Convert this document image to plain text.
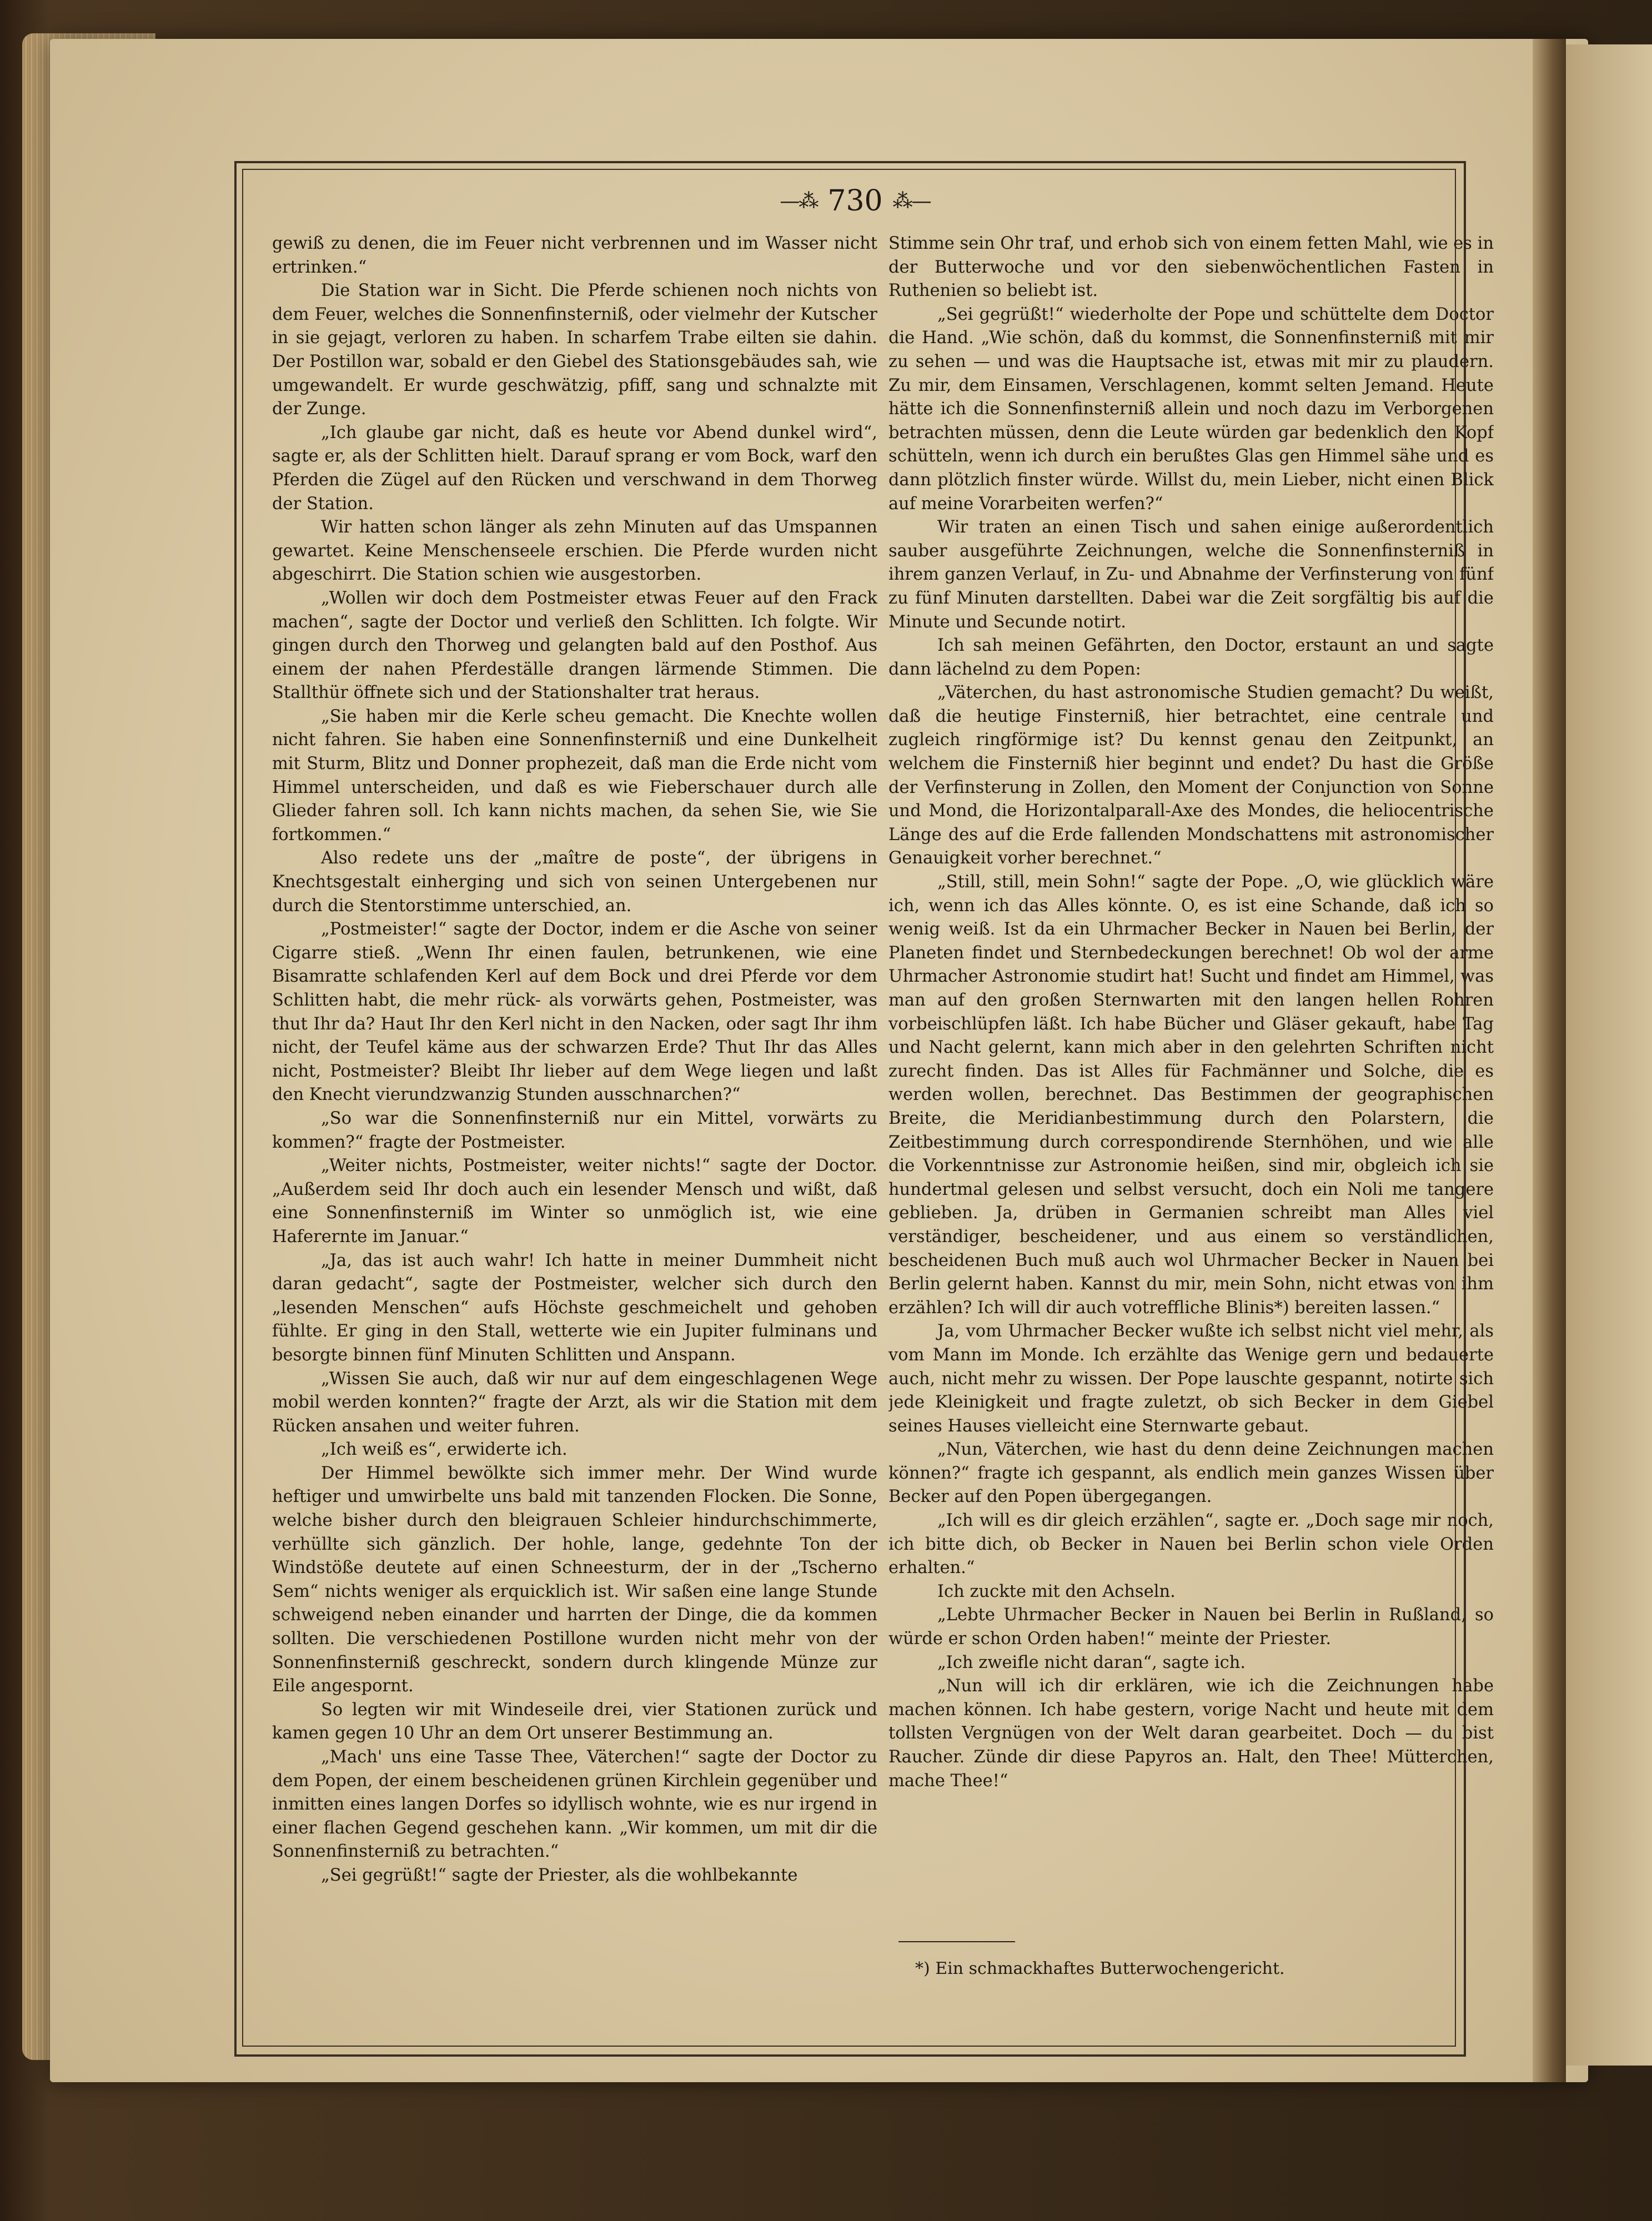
—⁂ 730 ⁂—

gewiß zu denen, die im Feuer nicht verbrennen und im Wasser nicht ertrinken.“

Die Station war in Sicht. Die Pferde schienen noch nichts von dem Feuer, welches die Sonnenfinsterniß, oder vielmehr der Kutscher in sie gejagt, verloren zu haben. In scharfem Trabe eilten sie dahin. Der Postillon war, sobald er den Giebel des Stationsgebäudes sah, wie umgewandelt. Er wurde geschwätzig, pfiff, sang und schnalzte mit der Zunge.

„Ich glaube gar nicht, daß es heute vor Abend dunkel wird“, sagte er, als der Schlitten hielt. Darauf sprang er vom Bock, warf den Pferden die Zügel auf den Rücken und verschwand in dem Thorweg der Station.

Wir hatten schon länger als zehn Minuten auf das Umspannen gewartet. Keine Menschenseele erschien. Die Pferde wurden nicht abgeschirrt. Die Station schien wie ausgestorben.

„Wollen wir doch dem Postmeister etwas Feuer auf den Frack machen“, sagte der Doctor und verließ den Schlitten. Ich folgte. Wir gingen durch den Thorweg und gelangten bald auf den Posthof. Aus einem der nahen Pferdeställe drangen lärmende Stimmen. Die Stallthür öffnete sich und der Stationshalter trat heraus.

„Sie haben mir die Kerle scheu gemacht. Die Knechte wollen nicht fahren. Sie haben eine Sonnenfinsterniß und eine Dunkelheit mit Sturm, Blitz und Donner prophezeit, daß man die Erde nicht vom Himmel unterscheiden, und daß es wie Fieberschauer durch alle Glieder fahren soll. Ich kann nichts machen, da sehen Sie, wie Sie fortkommen.“

Also redete uns der „maître de poste“, der übrigens in Knechtsgestalt einherging und sich von seinen Untergebenen nur durch die Stentorstimme unterschied, an.

„Postmeister!“ sagte der Doctor, indem er die Asche von seiner Cigarre stieß. „Wenn Ihr einen faulen, betrunkenen, wie eine Bisamratte schlafenden Kerl auf dem Bock und drei Pferde vor dem Schlitten habt, die mehr rück- als vorwärts gehen, Postmeister, was thut Ihr da? Haut Ihr den Kerl nicht in den Nacken, oder sagt Ihr ihm nicht, der Teufel käme aus der schwarzen Erde? Thut Ihr das Alles nicht, Postmeister? Bleibt Ihr lieber auf dem Wege liegen und laßt den Knecht vierundzwanzig Stunden ausschnarchen?“

„So war die Sonnenfinsterniß nur ein Mittel, vorwärts zu kommen?“ fragte der Postmeister.

„Weiter nichts, Postmeister, weiter nichts!“ sagte der Doctor. „Außerdem seid Ihr doch auch ein lesender Mensch und wißt, daß eine Sonnenfinsterniß im Winter so unmöglich ist, wie eine Haferernte im Januar.“

„Ja, das ist auch wahr! Ich hatte in meiner Dummheit nicht daran gedacht“, sagte der Postmeister, welcher sich durch den „lesenden Menschen“ aufs Höchste geschmeichelt und gehoben fühlte. Er ging in den Stall, wetterte wie ein Jupiter fulminans und besorgte binnen fünf Minuten Schlitten und Anspann.

„Wissen Sie auch, daß wir nur auf dem eingeschlagenen Wege mobil werden konnten?“ fragte der Arzt, als wir die Station mit dem Rücken ansahen und weiter fuhren.

„Ich weiß es“, erwiderte ich.

Der Himmel bewölkte sich immer mehr. Der Wind wurde heftiger und umwirbelte uns bald mit tanzenden Flocken. Die Sonne, welche bisher durch den bleigrauen Schleier hindurchschimmerte, verhüllte sich gänzlich. Der hohle, lange, gedehnte Ton der Windstöße deutete auf einen Schneesturm, der in der „Tscherno Sem“ nichts weniger als erquicklich ist. Wir saßen eine lange Stunde schweigend neben einander und harrten der Dinge, die da kommen sollten. Die verschiedenen Postillone wurden nicht mehr von der Sonnenfinsterniß geschreckt, sondern durch klingende Münze zur Eile angespornt.

So legten wir mit Windeseile drei, vier Stationen zurück und kamen gegen 10 Uhr an dem Ort unserer Bestimmung an.

„Mach' uns eine Tasse Thee, Väterchen!“ sagte der Doctor zu dem Popen, der einem bescheidenen grünen Kirchlein gegenüber und inmitten eines langen Dorfes so idyllisch wohnte, wie es nur irgend in einer flachen Gegend geschehen kann. „Wir kommen, um mit dir die Sonnenfinsterniß zu betrachten.“

„Sei gegrüßt!“ sagte der Priester, als die wohlbekannte

Stimme sein Ohr traf, und erhob sich von einem fetten Mahl, wie es in der Butterwoche und vor den siebenwöchentlichen Fasten in Ruthenien so beliebt ist.

„Sei gegrüßt!“ wiederholte der Pope und schüttelte dem Doctor die Hand. „Wie schön, daß du kommst, die Sonnenfinsterniß mit mir zu sehen — und was die Hauptsache ist, etwas mit mir zu plaudern. Zu mir, dem Einsamen, Verschlagenen, kommt selten Jemand. Heute hätte ich die Sonnenfinsterniß allein und noch dazu im Verborgenen betrachten müssen, denn die Leute würden gar bedenklich den Kopf schütteln, wenn ich durch ein berußtes Glas gen Himmel sähe und es dann plötzlich finster würde. Willst du, mein Lieber, nicht einen Blick auf meine Vorarbeiten werfen?“

Wir traten an einen Tisch und sahen einige außerordentlich sauber ausgeführte Zeichnungen, welche die Sonnenfinsterniß in ihrem ganzen Verlauf, in Zu- und Abnahme der Verfinsterung von fünf zu fünf Minuten darstellten. Dabei war die Zeit sorgfältig bis auf die Minute und Secunde notirt.

Ich sah meinen Gefährten, den Doctor, erstaunt an und sagte dann lächelnd zu dem Popen:

„Väterchen, du hast astronomische Studien gemacht? Du weißt, daß die heutige Finsterniß, hier betrachtet, eine centrale und zugleich ringförmige ist? Du kennst genau den Zeitpunkt, an welchem die Finsterniß hier beginnt und endet? Du hast die Größe der Verfinsterung in Zollen, den Moment der Conjunction von Sonne und Mond, die Horizontalparall-Axe des Mondes, die heliocentrische Länge des auf die Erde fallenden Mondschattens mit astronomischer Genauigkeit vorher berechnet.“

„Still, still, mein Sohn!“ sagte der Pope. „O, wie glücklich wäre ich, wenn ich das Alles könnte. O, es ist eine Schande, daß ich so wenig weiß. Ist da ein Uhrmacher Becker in Nauen bei Berlin, der Planeten findet und Sternbedeckungen berechnet! Ob wol der arme Uhrmacher Astronomie studirt hat! Sucht und findet am Himmel, was man auf den großen Sternwarten mit den langen hellen Rohren vorbeischlüpfen läßt. Ich habe Bücher und Gläser gekauft, habe Tag und Nacht gelernt, kann mich aber in den gelehrten Schriften nicht zurecht finden. Das ist Alles für Fachmänner und Solche, die es werden wollen, berechnet. Das Bestimmen der geographischen Breite, die Meridianbestimmung durch den Polarstern, die Zeitbestimmung durch correspondirende Sternhöhen, und wie alle die Vorkenntnisse zur Astronomie heißen, sind mir, obgleich ich sie hundertmal gelesen und selbst versucht, doch ein Noli me tangere geblieben. Ja, drüben in Germanien schreibt man Alles viel verständiger, bescheidener, und aus einem so verständlichen, bescheidenen Buch muß auch wol Uhrmacher Becker in Nauen bei Berlin gelernt haben. Kannst du mir, mein Sohn, nicht etwas von ihm erzählen? Ich will dir auch votreffliche Blinis*) bereiten lassen.“

Ja, vom Uhrmacher Becker wußte ich selbst nicht viel mehr, als vom Mann im Monde. Ich erzählte das Wenige gern und bedauerte auch, nicht mehr zu wissen. Der Pope lauschte gespannt, notirte sich jede Kleinigkeit und fragte zuletzt, ob sich Becker in dem Giebel seines Hauses vielleicht eine Sternwarte gebaut.

„Nun, Väterchen, wie hast du denn deine Zeichnungen machen können?“ fragte ich gespannt, als endlich mein ganzes Wissen über Becker auf den Popen übergegangen.

„Ich will es dir gleich erzählen“, sagte er. „Doch sage mir noch, ich bitte dich, ob Becker in Nauen bei Berlin schon viele Orden erhalten.“

Ich zuckte mit den Achseln.

„Lebte Uhrmacher Becker in Nauen bei Berlin in Rußland, so würde er schon Orden haben!“ meinte der Priester.

„Ich zweifle nicht daran“, sagte ich.

„Nun will ich dir erklären, wie ich die Zeichnungen habe machen können. Ich habe gestern, vorige Nacht und heute mit dem tollsten Vergnügen von der Welt daran gearbeitet. Doch — du bist Raucher. Zünde dir diese Papyros an. Halt, den Thee! Mütterchen, mache Thee!“

*) Ein schmackhaftes Butterwochengericht.
